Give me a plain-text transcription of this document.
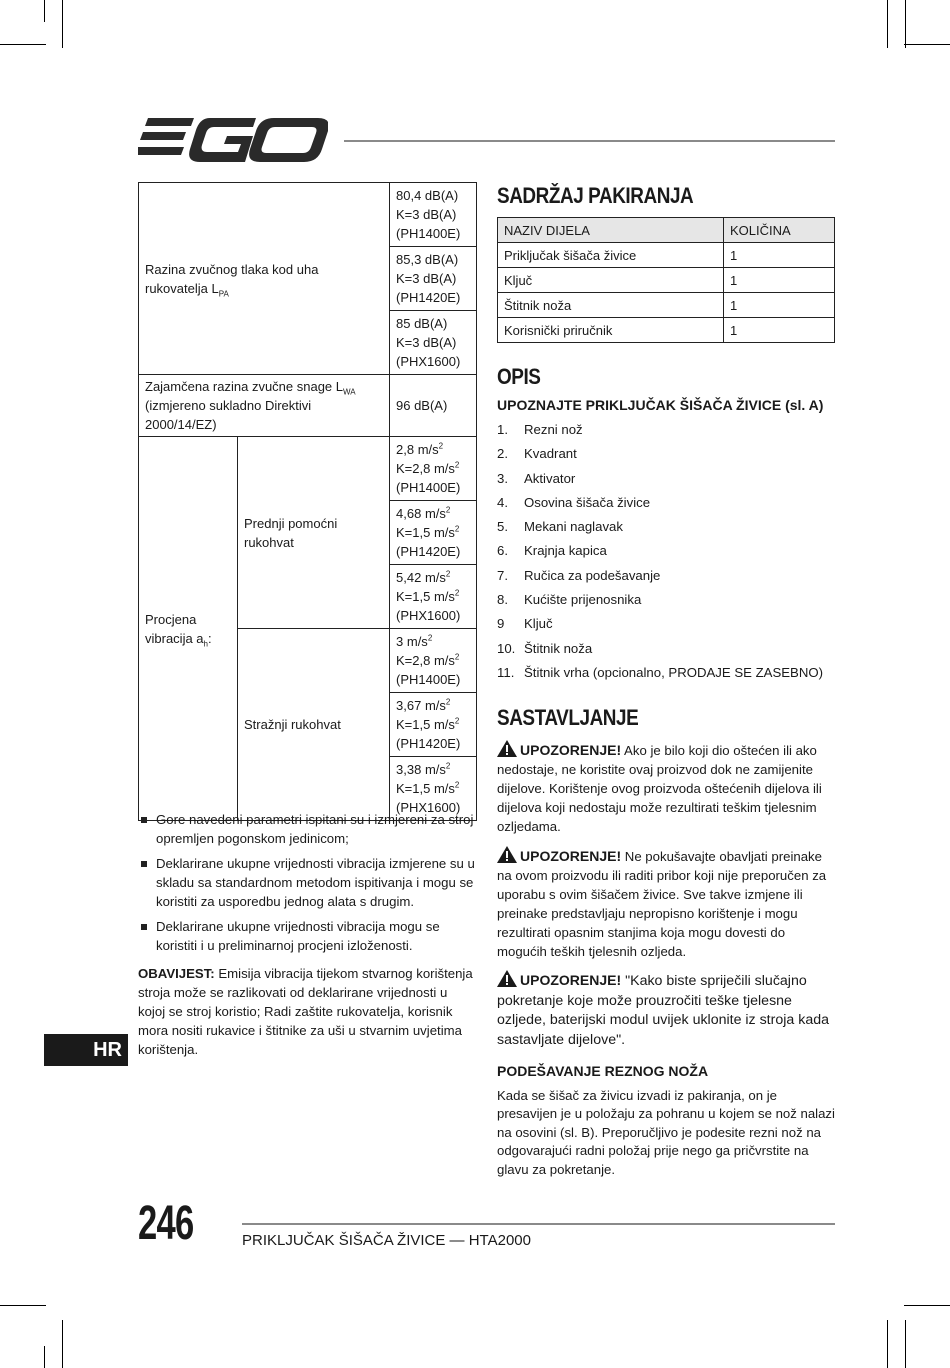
EGO
Razina zvučnog tlaka kod uha rukovatelja $L_{PA}$		80,4 dB(A)
K=3 dB(A)
(PH1400E)
		85,3 dB(A)
K=3 dB(A)
(PH1420E)
		85 dB(A)
K=3 dB(A)
(PHX1600)
Zajamčena razina zvučne snage $L_{WA}$
(izmjereno sukladno Direktivi 2000/14/EZ)		96 dB(A)
Procjena vibracija $a_h$:	Prednji pomoćni rukohvat	2,8 $m/s^2$
K=2,8 $m/s^2$
(PH1400E)
		4,68 $m/s^2$
K=1,5 $m/s^2$
(PH1420E)
		5,42 $m/s^2$
K=1,5 $m/s^2$
(PHX1600)
	Stražnji rukohvat	3 $m/s^2$
K=2,8 $m/s^2$
(PH1400E)
		3,67 $m/s^2$
K=1,5 $m/s^2$
(PH1420E)
		3,38 $m/s^2$
K=1,5 $m/s^2$
(PHX1600)
Gore navedeni parametri ispitani su i izmjereni za stroj opremljen pogonskom jedinicom;
Deklarirane ukupne vrijednosti vibracija izmjerene su u skladu sa standardnom metodom ispitivanja i mogu se koristiti za usporedbu jednog alata s drugim.
Deklarirane ukupne vrijednosti vibracija mogu se koristiti i u preliminarnoj procjeni izloženosti.

OBAVIJEST: Emisija vibracija tijekom stvarnog korištenja stroja može se razlikovati od deklarirane vrijednosti u kojoj se stroj koristio; Radi zaštite rukovatelja, korisnik mora nositi rukavice i štitnike za uši u stvarnim uvjetima korištenja.

HR
SADRŽAJ PAKIRANJA
NAZIV DIJELA	KOLIČINA
Priključak šišača živice	1
Ključ	1
Štitnik noža	1
Korisnički priručnik	1
OPIS
UPOZNAJTE PRIKLJUČAK ŠIŠAČA ŽIVICE (sl. A)
1. Rezni nož
2. Kvadrant
3. Aktivator
4. Osovina šišača živice
5. Mekani naglavak
6. Krajnja kapica
7. Ručica za podešavanje
8. Kućište prijenosnika
9 Ključ
10. Štitnik noža
11. Štitnik vrha (opcionalno, PRODAJE SE ZASEBNO)
SASTAVLJANJE

UPOZORENJE! Ako je bilo koji dio oštećen ili ako nedostaje, ne koristite ovaj proizvod dok ne zamijenite dijelove. Korištenje ovog proizvoda oštećenih dijelova ili dijelova koji nedostaju može rezultirati teškim tjelesnim ozljedama.

UPOZORENJE! Ne pokušavajte obavljati preinake na ovom proizvodu ili raditi pribor koji nije preporučen za uporabu s ovim šišačem živice. Sve takve izmjene ili preinake predstavljaju nepropisno korištenje i mogu rezultirati opasnim stanjima koja mogu dovesti do mogućih teških tjelesnih ozljeda.

UPOZORENJE! "Kako biste spriječili slučajno pokretanje koje može prouzročiti teške tjelesne ozljede, baterijski modul uvijek uklonite iz stroja kada sastavljate dijelove".

PODEŠAVANJE REZNOG NOŽA

Kada se šišač za živicu izvadi iz pakiranja, on je presavijen je u položaju za pohranu u kojem se nož nalazi na osovini (sl. B). Preporučljivo je podesite rezni nož na odgovarajući radni položaj prije nego ga pričvrstite na glavu za pokretanje.

246	PRIKLJUČAK ŠIŠAČA ŽIVICE — HTA2000
